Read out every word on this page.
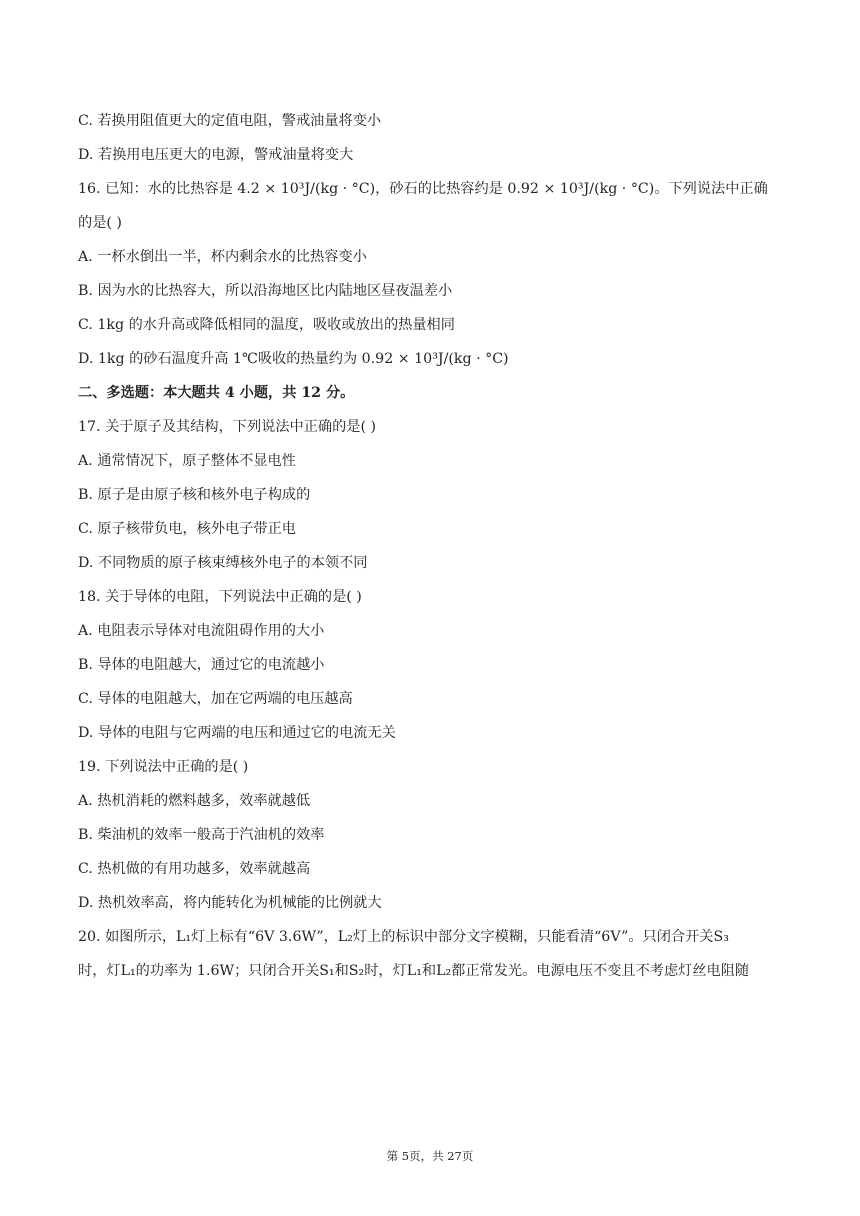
C. 若换用阻值更大的定值电阻，警戒油量将变小
D. 若换用电压更大的电源，警戒油量将变大
16. 已知：水的比热容是 4.2 × 10³J/(kg · °C)，砂石的比热容约是 0.92 × 10³J/(kg · °C)。下列说法中正确
的是( )
A. 一杯水倒出一半，杯内剩余水的比热容变小
B. 因为水的比热容大，所以沿海地区比内陆地区昼夜温差小
C. 1kg 的水升高或降低相同的温度，吸收或放出的热量相同
D. 1kg 的砂石温度升高 1℃吸收的热量约为 0.92 × 10³J/(kg · °C)
二、多选题：本大题共 4 小题，共 12 分。
17. 关于原子及其结构，下列说法中正确的是( )
A. 通常情况下，原子整体不显电性
B. 原子是由原子核和核外电子构成的
C. 原子核带负电，核外电子带正电
D. 不同物质的原子核束缚核外电子的本领不同
18. 关于导体的电阻，下列说法中正确的是( )
A. 电阻表示导体对电流阻碍作用的大小
B. 导体的电阻越大，通过它的电流越小
C. 导体的电阻越大，加在它两端的电压越高
D. 导体的电阻与它两端的电压和通过它的电流无关
19. 下列说法中正确的是( )
A. 热机消耗的燃料越多，效率就越低
B. 柴油机的效率一般高于汽油机的效率
C. 热机做的有用功越多，效率就越高
D. 热机效率高，将内能转化为机械能的比例就大
20. 如图所示，L₁灯上标有“6V 3.6W”，L₂灯上的标识中部分文字模糊，只能看清“6V”。只闭合开关S₃
时，灯L₁的功率为 1.6W；只闭合开关S₁和S₂时，灯L₁和L₂都正常发光。电源电压不变且不考虑灯丝电阻随
第 5页，共 27页
